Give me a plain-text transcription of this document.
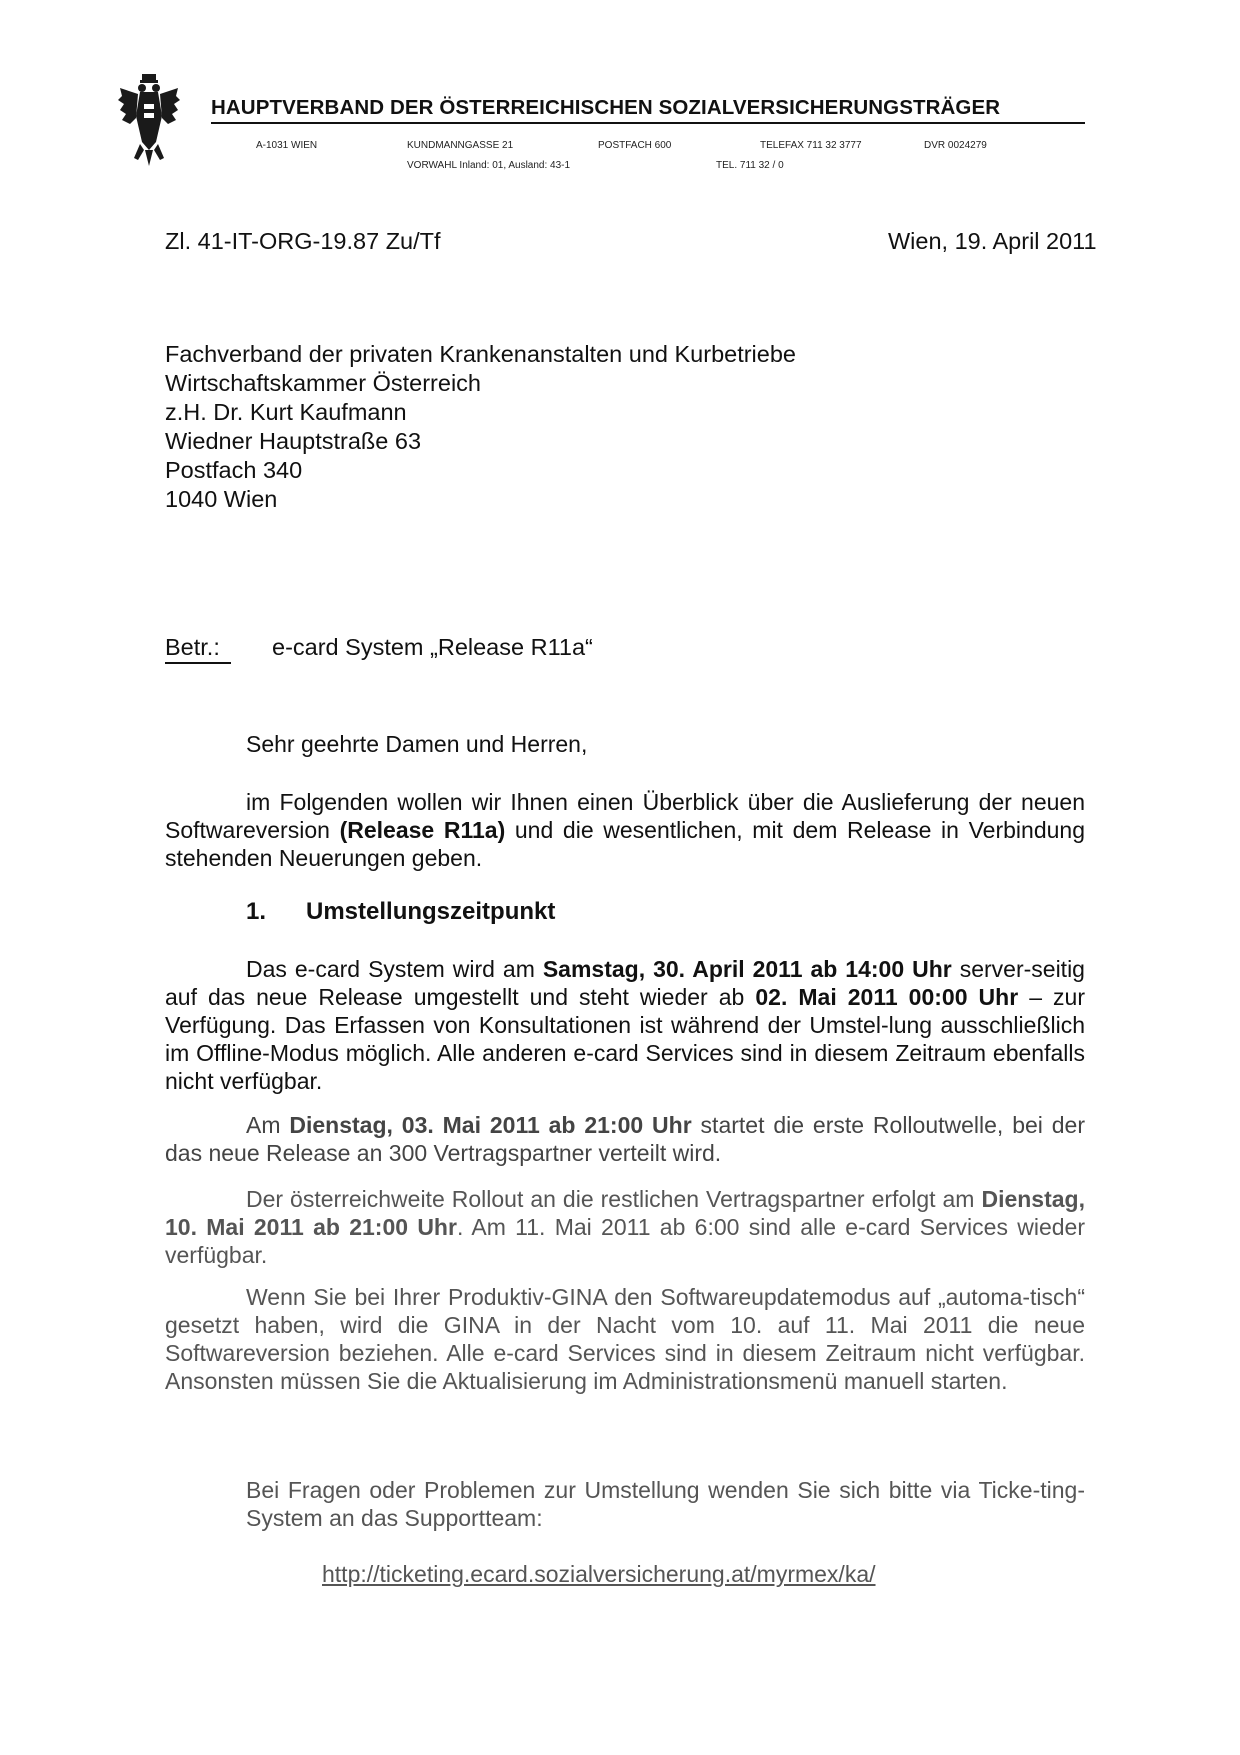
HAUPTVERBAND DER ÖSTERREICHISCHEN SOZIALVERSICHERUNGSTRÄGER
A-1031 WIEN	KUNDMANNGASSE 21	POSTFACH 600	TELEFAX 711 32 3777	DVR 0024279
VORWAHL Inland: 01, Ausland: 43-1	TEL. 711 32 / 0
Zl. 41-IT-ORG-19.87 Zu/Tf	Wien, 19. April 2011
Fachverband der privaten Krankenanstalten und Kurbetriebe
Wirtschaftskammer Österreich
z.H. Dr. Kurt Kaufmann
Wiedner Hauptstraße 63
Postfach 340
1040 Wien
Betr.: e-card System „Release R11a“
Sehr geehrte Damen und Herren,

im Folgenden wollen wir Ihnen einen Überblick über die Auslieferung der neuen Softwareversion (Release R11a) und die wesentlichen, mit dem Release in Verbindung stehenden Neuerungen geben.

1. Umstellungszeitpunkt

Das e-card System wird am Samstag, 30. April 2011 ab 14:00 Uhr server-seitig auf das neue Release umgestellt und steht wieder ab 02. Mai 2011 00:00 Uhr – zur Verfügung. Das Erfassen von Konsultationen ist während der Umstel-lung ausschließlich im Offline-Modus möglich. Alle anderen e-card Services sind in diesem Zeitraum ebenfalls nicht verfügbar.

Am Dienstag, 03. Mai 2011 ab 21:00 Uhr startet die erste Rolloutwelle, bei der das neue Release an 300 Vertragspartner verteilt wird.

Der österreichweite Rollout an die restlichen Vertragspartner erfolgt am Dienstag, 10. Mai 2011 ab 21:00 Uhr. Am 11. Mai 2011 ab 6:00 sind alle e-card Services wieder verfügbar.

Wenn Sie bei Ihrer Produktiv-GINA den Softwareupdatemodus auf „automa-tisch“ gesetzt haben, wird die GINA in der Nacht vom 10. auf 11. Mai 2011 die neue Softwareversion beziehen. Alle e-card Services sind in diesem Zeitraum nicht verfügbar. Ansonsten müssen Sie die Aktualisierung im Administrationsmenü manuell starten.

Bei Fragen oder Problemen zur Umstellung wenden Sie sich bitte via Ticke-ting-System an das Supportteam:
http://ticketing.ecard.sozialversicherung.at/myrmex/ka/
